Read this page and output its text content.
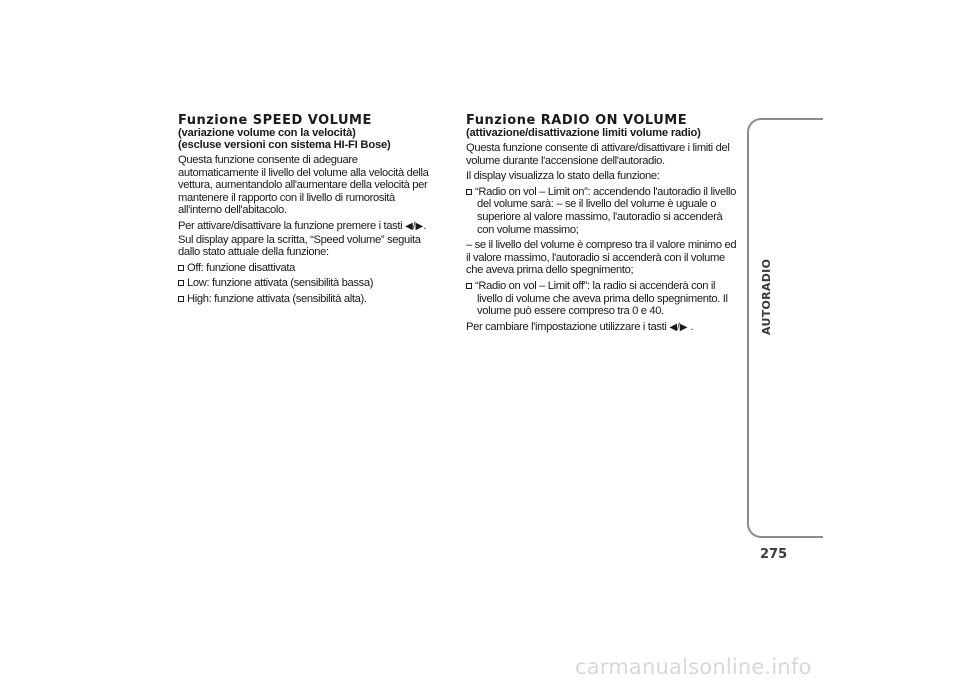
Funzione SPEED VOLUME
(variazione volume con la velocità)
(escluse versioni con sistema HI-FI Bose)

Questa funzione consente di adeguare automaticamente il livello del volume alla velocità della vettura, aumentandolo all'aumentare della velocità per mantenere il rapporto con il livello di rumorosità all'interno dell'abitacolo.

Per attivare/disattivare la funzione premere i tasti ◀/▶. Sul display appare la scritta, “Speed volume” seguita dallo stato attuale della funzione:

Off: funzione disattivata

Low: funzione attivata (sensibilità bassa)

High: funzione attivata (sensibilità alta).

Funzione RADIO ON VOLUME
(attivazione/disattivazione limiti volume radio)

Questa funzione consente di attivare/disattivare i limiti del volume durante l'accensione dell'autoradio.

Il display visualizza lo stato della funzione:

“Radio on vol – Limit on”: accendendo l'autoradio il livello del volume sarà: – se il livello del volume è uguale o superiore al valore massimo, l'autoradio si accenderà con volume massimo;

– se il livello del volume è compreso tra il valore minimo ed il valore massimo, l'autoradio si accenderà con il volume che aveva prima dello spegnimento;

“Radio on vol – Limit off”: la radio si accenderà con il livello di volume che aveva prima dello spegnimento. Il volume può essere compreso tra 0 e 40.

Per cambiare l'impostazione utilizzare i tasti ◀/▶ .	AUTORADIO
275
carmanualsonline.info
